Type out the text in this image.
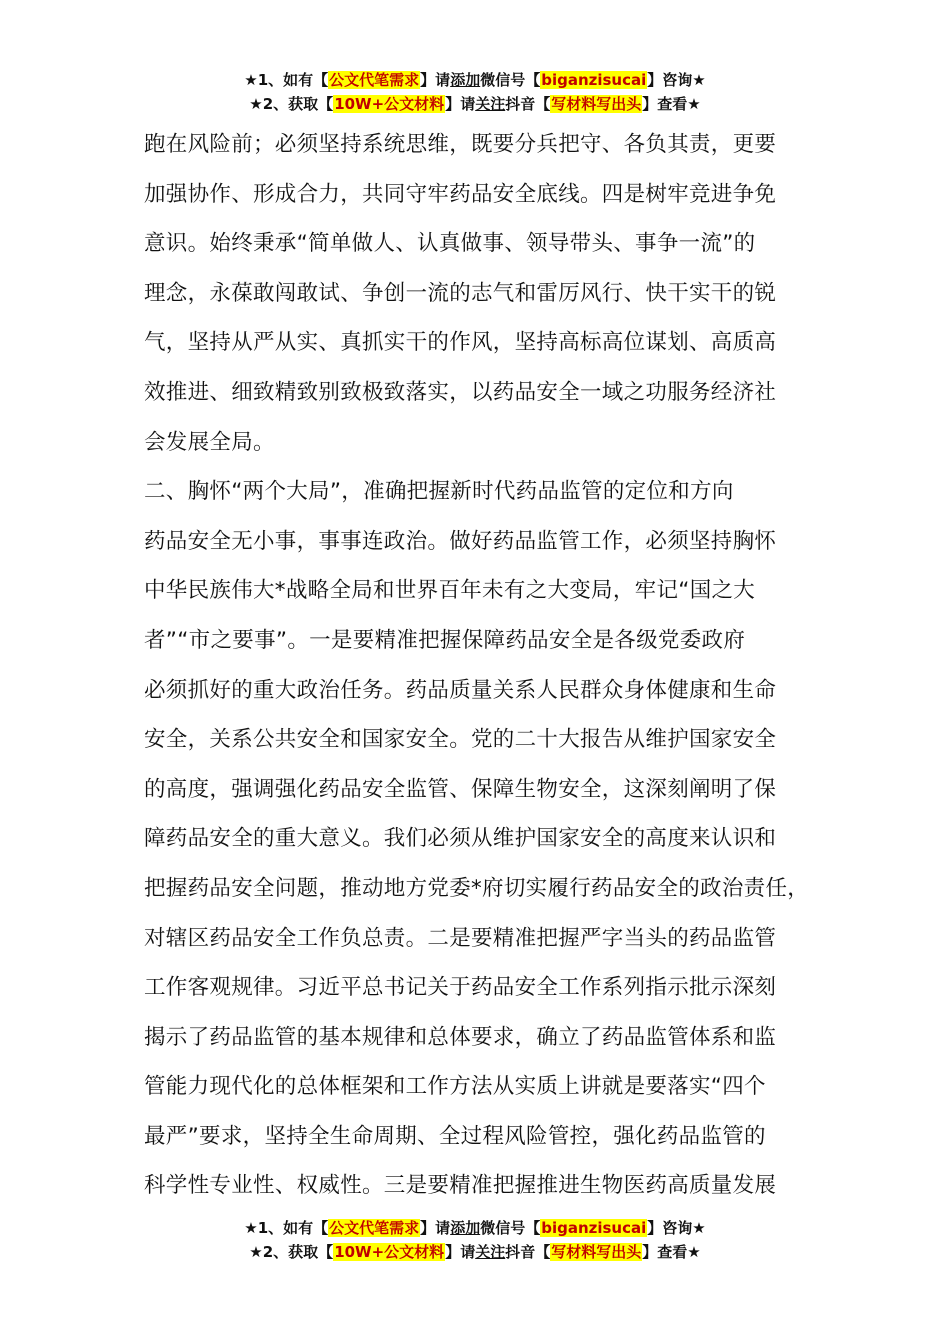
★1、如有【公文代笔需求】请添加微信号【biganzisucai】咨询★
★2、获取【10W+公文材料】请关注抖音【写材料写出头】查看★
跑在风险前；必须坚持系统思维，既要分兵把守、各负其责，更要
加强协作、形成合力，共同守牢药品安全底线。四是树牢竞进争免
意识。始终秉承“简单做人、认真做事、领导带头、事争一流”的
理念，永葆敢闯敢试、争创一流的志气和雷厉风行、快干实干的锐
气，坚持从严从实、真抓实干的作风，坚持高标高位谋划、高质高
效推进、细致精致别致极致落实，以药品安全一域之功服务经济社
会发展全局。
二、胸怀“两个大局”，准确把握新时代药品监管的定位和方向
药品安全无小事，事事连政治。做好药品监管工作，必须坚持胸怀
中华民族伟大*战略全局和世界百年未有之大变局，牢记“国之大
者”“市之要事”。一是要精准把握保障药品安全是各级党委政府
必须抓好的重大政治任务。药品质量关系人民群众身体健康和生命
安全，关系公共安全和国家安全。党的二十大报告从维护国家安全
的高度，强调强化药品安全监管、保障生物安全，这深刻阐明了保
障药品安全的重大意义。我们必须从维护国家安全的高度来认识和
把握药品安全问题，推动地方党委*府切实履行药品安全的政治责任，
对辖区药品安全工作负总责。二是要精准把握严字当头的药品监管
工作客观规律。习近平总书记关于药品安全工作系列指示批示深刻
揭示了药品监管的基本规律和总体要求，确立了药品监管体系和监
管能力现代化的总体框架和工作方法从实质上讲就是要落实“四个
最严”要求，坚持全生命周期、全过程风险管控，强化药品监管的
科学性专业性、权威性。三是要精准把握推进生物医药高质量发展
★1、如有【公文代笔需求】请添加微信号【biganzisucai】咨询★
★2、获取【10W+公文材料】请关注抖音【写材料写出头】查看★
